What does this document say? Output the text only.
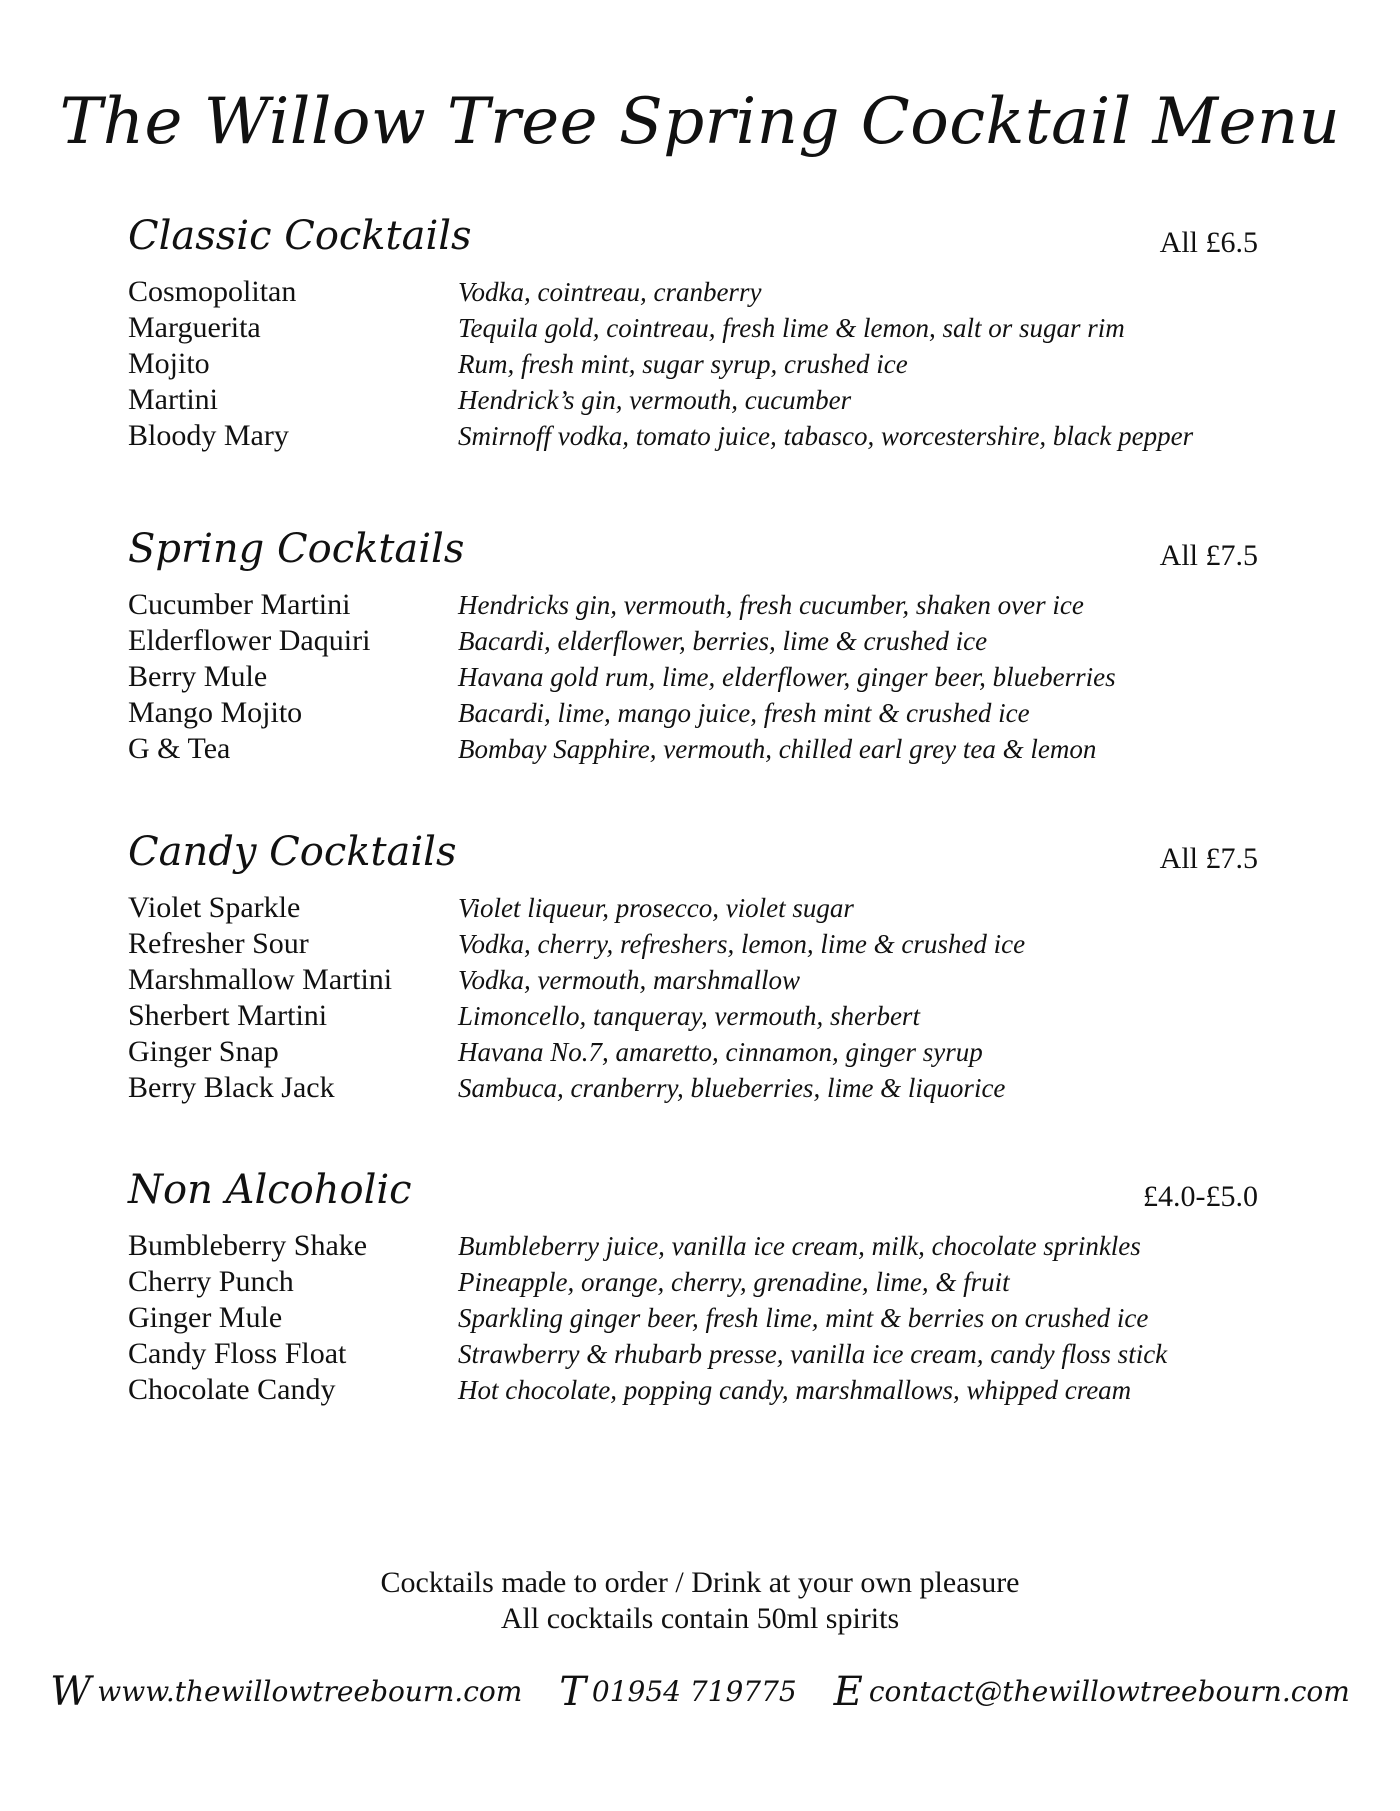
The Willow Tree Spring Cocktail Menu
Classic Cocktails	All £6.5
Cosmopolitan	Vodka, cointreau, cranberry
Marguerita	Tequila gold, cointreau, fresh lime & lemon, salt or sugar rim
Mojito	Rum, fresh mint, sugar syrup, crushed ice
Martini	Hendrick’s gin, vermouth, cucumber
Bloody Mary	Smirnoff vodka, tomato juice, tabasco, worcestershire, black pepper
Spring Cocktails	All £7.5
Cucumber Martini	Hendricks gin, vermouth, fresh cucumber, shaken over ice
Elderflower Daquiri	Bacardi, elderflower, berries, lime & crushed ice
Berry Mule	Havana gold rum, lime, elderflower, ginger beer, blueberries
Mango Mojito	Bacardi, lime, mango juice, fresh mint & crushed ice
G & Tea	Bombay Sapphire, vermouth, chilled earl grey tea & lemon
Candy Cocktails	All £7.5
Violet Sparkle	Violet liqueur, prosecco, violet sugar
Refresher Sour	Vodka, cherry, refreshers, lemon, lime & crushed ice
Marshmallow Martini	Vodka, vermouth, marshmallow
Sherbert Martini	Limoncello, tanqueray, vermouth, sherbert
Ginger Snap	Havana No.7, amaretto, cinnamon, ginger syrup
Berry Black Jack	Sambuca, cranberry, blueberries, lime & liquorice
Non Alcoholic	£4.0-£5.0
Bumbleberry Shake	Bumbleberry juice, vanilla ice cream, milk, chocolate sprinkles
Cherry Punch	Pineapple, orange, cherry, grenadine, lime, & fruit
Ginger Mule	Sparkling ginger beer, fresh lime, mint & berries on crushed ice
Candy Floss Float	Strawberry & rhubarb presse, vanilla ice cream, candy floss stick
Chocolate Candy	Hot chocolate, popping candy, marshmallows, whipped cream
Cocktails made to order / Drink at your own pleasure
All cocktails contain 50ml spirits
W www.thewillowtreebourn.com T 01954 719775 E contact@thewillowtreebourn.com
